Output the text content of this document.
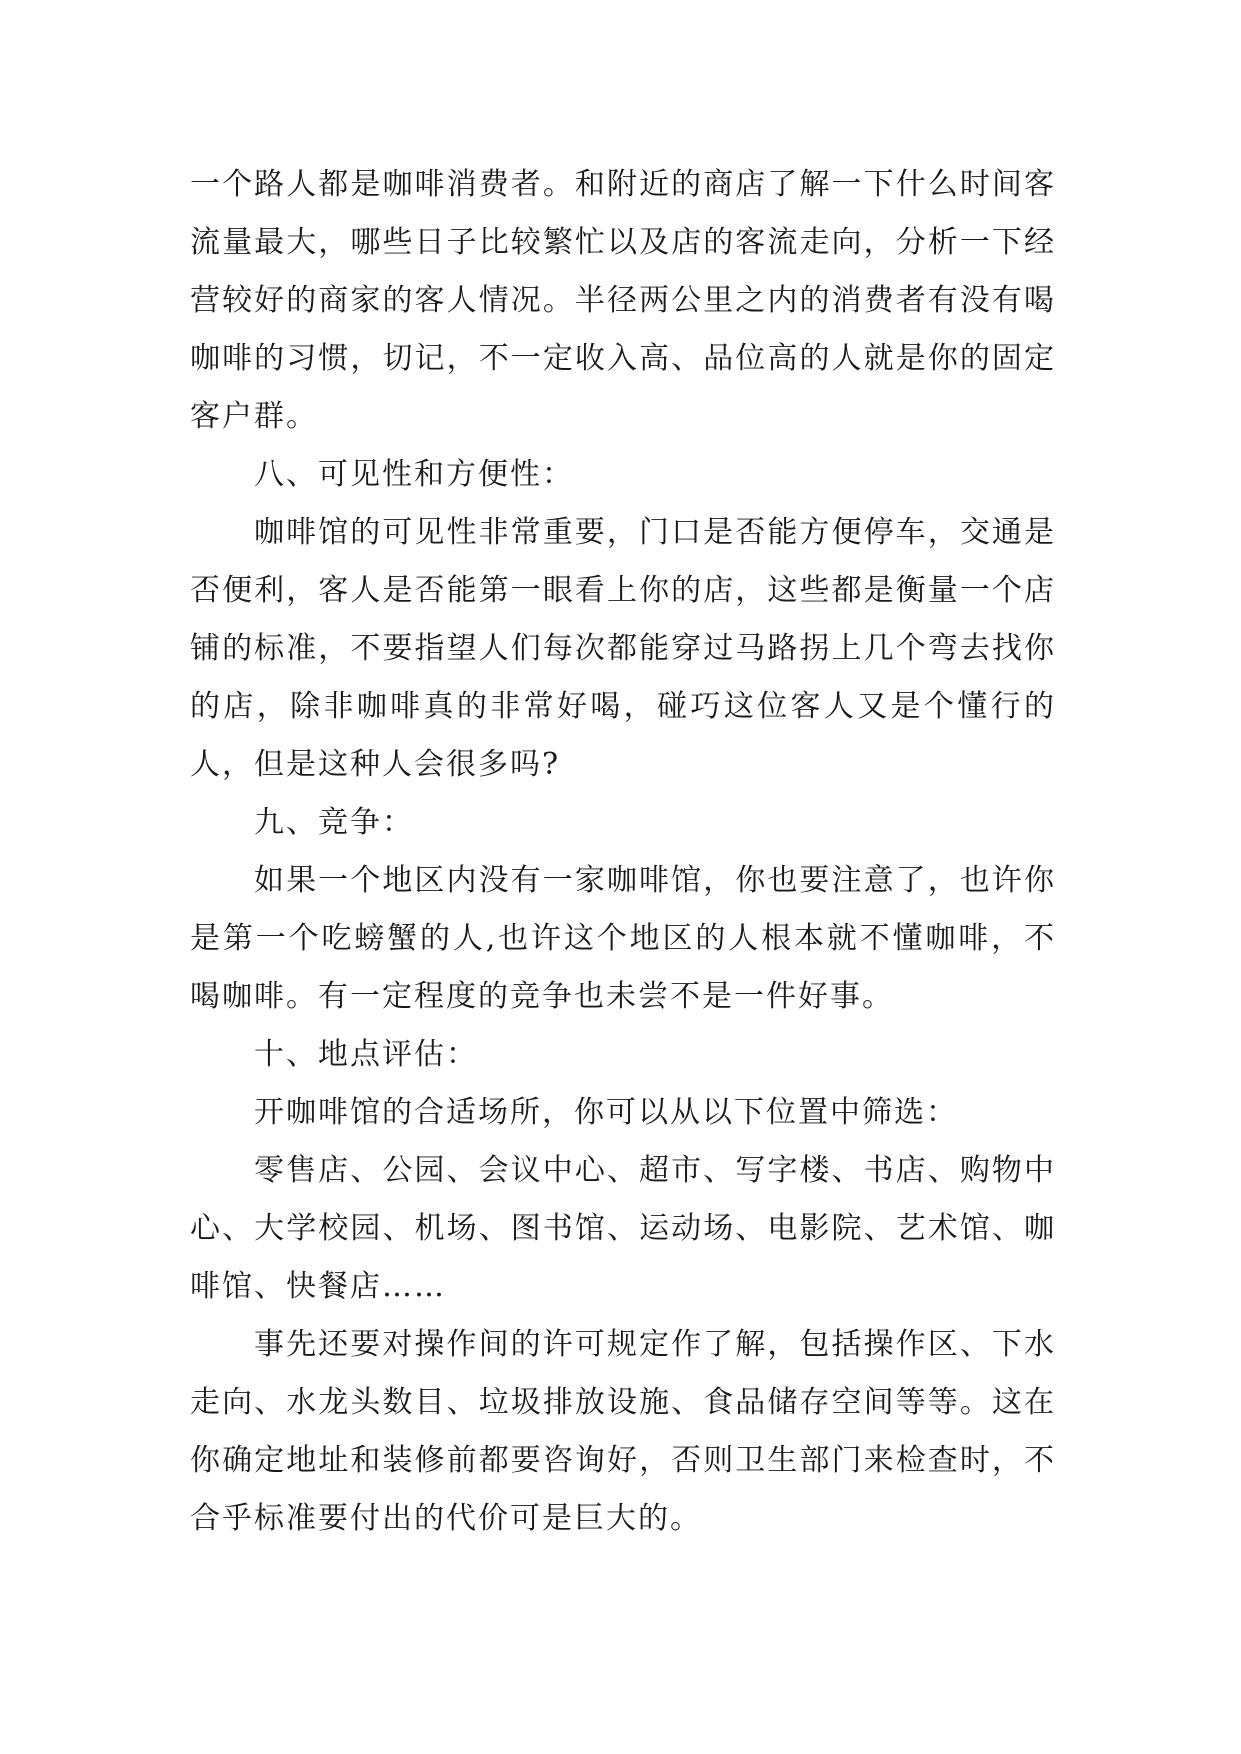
一个路人都是咖啡消费者。和附近的商店了解一下什么时间客流量最大，哪些日子比较繁忙以及店的客流走向，分析一下经营较好的商家的客人情况。半径两公里之内的消费者有没有喝咖啡的习惯，切记，不一定收入高、品位高的人就是你的固定客户群。

八、可见性和方便性：

咖啡馆的可见性非常重要，门口是否能方便停车，交通是否便利，客人是否能第一眼看上你的店，这些都是衡量一个店铺的标准，不要指望人们每次都能穿过马路拐上几个弯去找你的店，除非咖啡真的非常好喝，碰巧这位客人又是个懂行的人，但是这种人会很多吗?

九、竞争：

如果一个地区内没有一家咖啡馆，你也要注意了，也许你是第一个吃螃蟹的人,也许这个地区的人根本就不懂咖啡，不喝咖啡。有一定程度的竞争也未尝不是一件好事。

十、地点评估：

开咖啡馆的合适场所，你可以从以下位置中筛选：

零售店、公园、会议中心、超市、写字楼、书店、购物中心、大学校园、机场、图书馆、运动场、电影院、艺术馆、咖啡馆、快餐店……

事先还要对操作间的许可规定作了解，包括操作区、下水走向、水龙头数目、垃圾排放设施、食品储存空间等等。这在你确定地址和装修前都要咨询好，否则卫生部门来检查时，不合乎标准要付出的代价可是巨大的。
